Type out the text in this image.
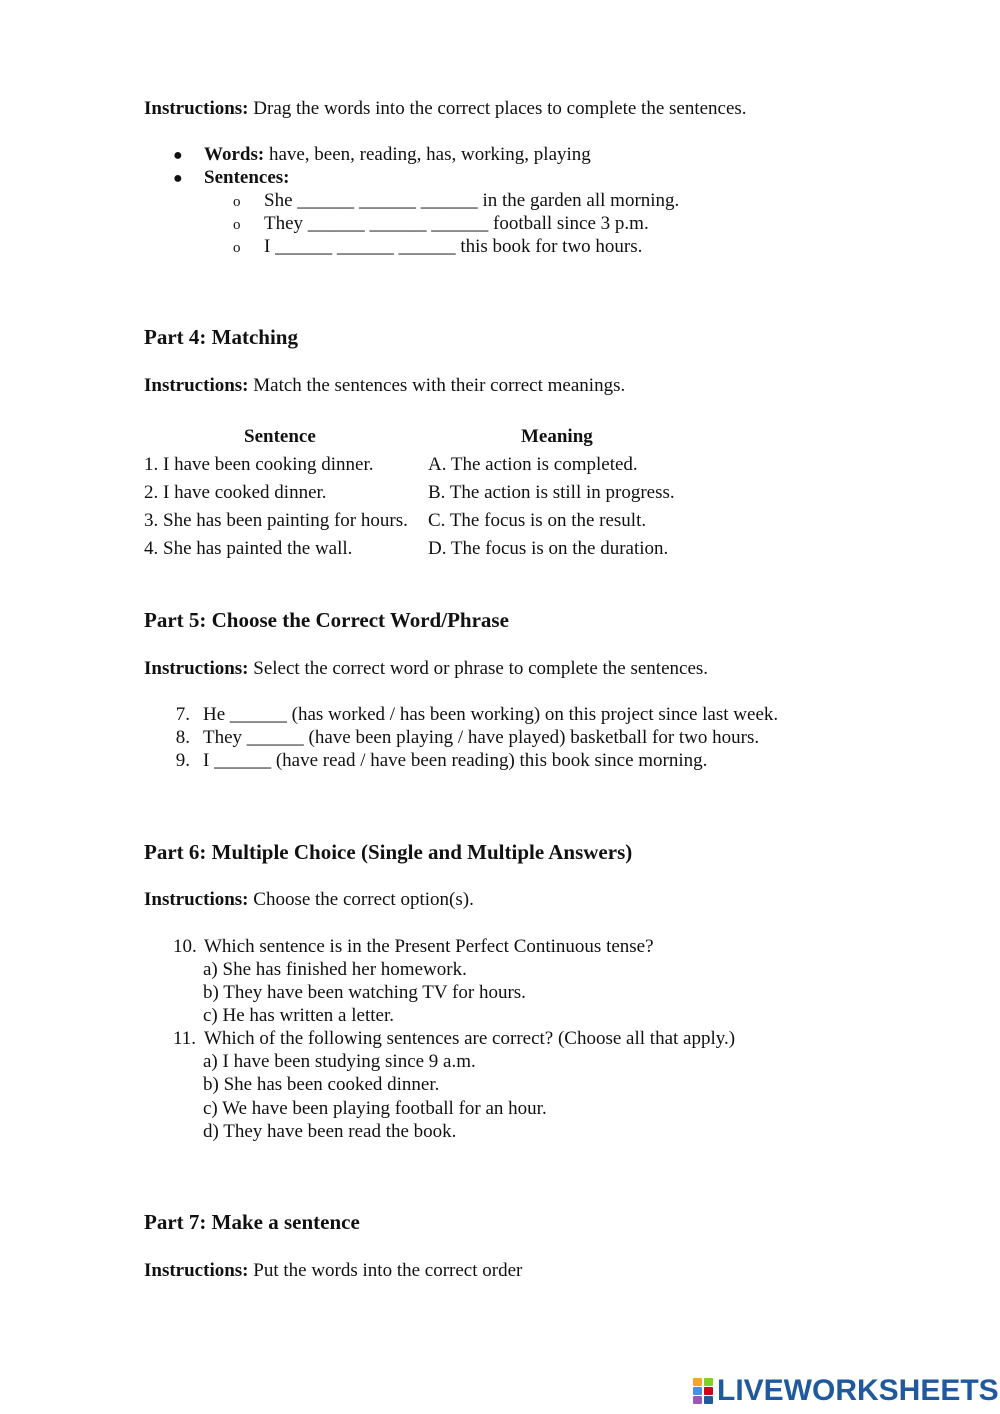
Instructions: Drag the words into the correct places to complete the sentences.
● Words: have, been, reading, has, working, playing
● Sentences:
o She ______ ______ ______ in the garden all morning.
o They ______ ______ ______ football since 3 p.m.
o I ______ ______ ______ this book for two hours.
Part 4: Matching
Instructions: Match the sentences with their correct meanings.
Sentence	Meaning
1. I have been cooking dinner.	A. The action is completed.
2. I have cooked dinner.	B. The action is still in progress.
3. She has been painting for hours. C. The focus is on the result.
4. She has painted the wall.	D. The focus is on the duration.
Part 5: Choose the Correct Word/Phrase
Instructions: Select the correct word or phrase to complete the sentences.
7. He ______ (has worked / has been working) on this project since last week.
8. They ______ (have been playing / have played) basketball for two hours.
9. I ______ (have read / have been reading) this book since morning.
Part 6: Multiple Choice (Single and Multiple Answers)
Instructions: Choose the correct option(s).
10. Which sentence is in the Present Perfect Continuous tense?
a) She has finished her homework.
b) They have been watching TV for hours.
c) He has written a letter.
11. Which of the following sentences are correct? (Choose all that apply.)
a) I have been studying since 9 a.m.
b) She has been cooked dinner.
c) We have been playing football for an hour.
d) They have been read the book.
Part 7: Make a sentence
Instructions: Put the words into the correct order
LIVEWORKSHEETS
